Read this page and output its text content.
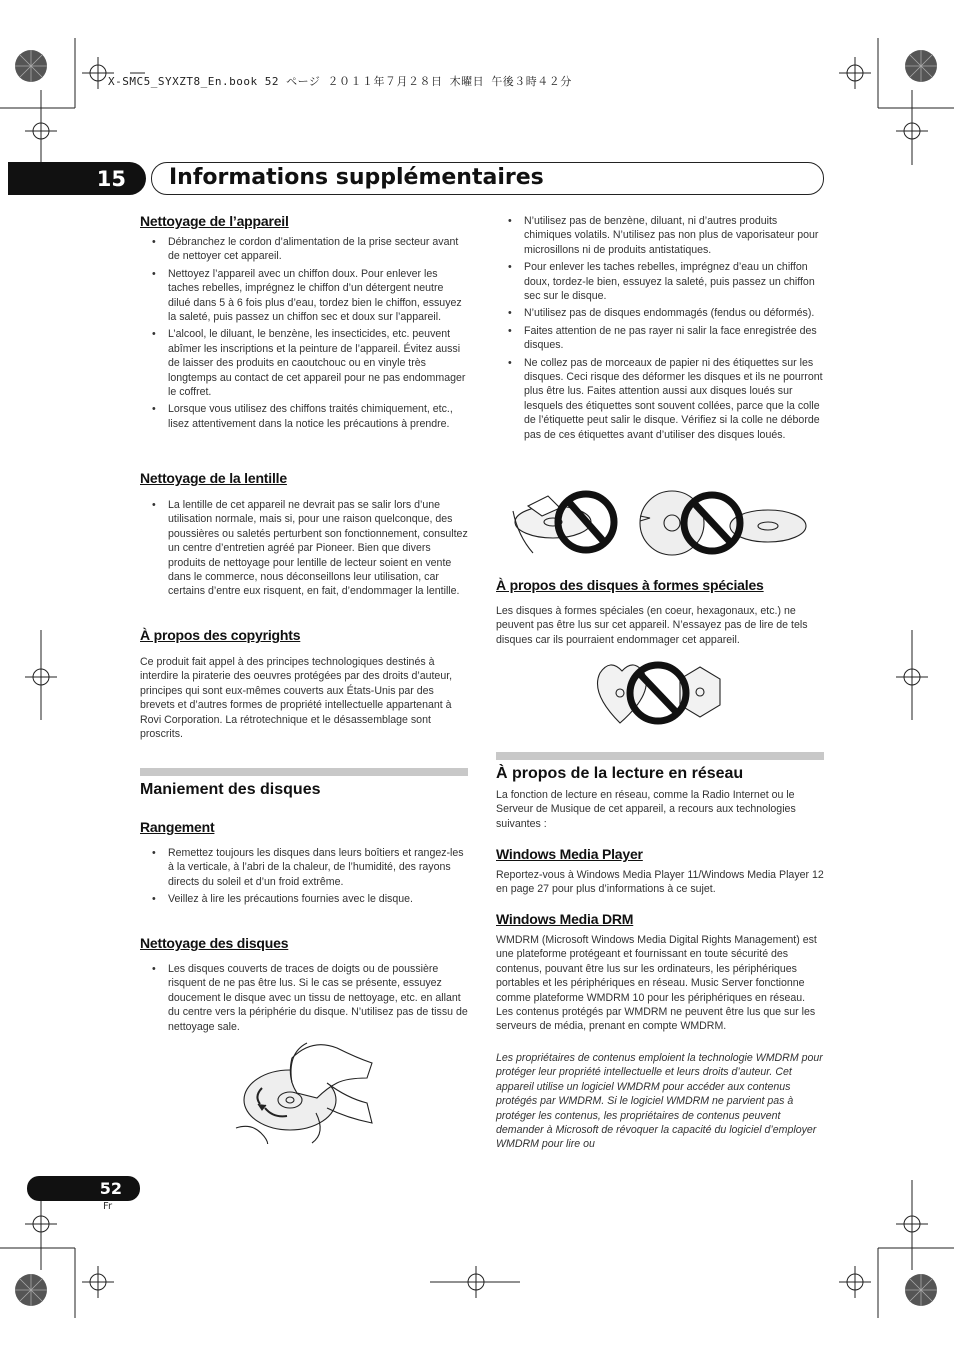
X-SMC5_SYXZT8_En.book 52 ページ ２０１１年７月２８日 木曜日 午後３時４２分
15	Informations supplémentaires
Nettoyage de l’appareil
• Débranchez le cordon d’alimentation de la prise secteur avant de nettoyer cet appareil.
• Nettoyez l’appareil avec un chiffon doux. Pour enlever les taches rebelles, imprégnez le chiffon d’un détergent neutre dilué dans 5 à 6 fois plus d’eau, tordez bien le chiffon, essuyez la saleté, puis passez un chiffon sec et doux sur l’appareil.
• L’alcool, le diluant, le benzène, les insecticides, etc. peuvent abîmer les inscriptions et la peinture de l’appareil. Évitez aussi de laisser des produits en caoutchouc ou en vinyle très longtemps au contact de cet appareil pour ne pas endommager le coffret.
• Lorsque vous utilisez des chiffons traités chimiquement, etc., lisez attentivement dans la notice les précautions à prendre.
Nettoyage de la lentille
• La lentille de cet appareil ne devrait pas se salir lors d’une utilisation normale, mais si, pour une raison quelconque, des poussières ou saletés perturbent son fonctionnement, consultez un centre d’entretien agréé par Pioneer. Bien que divers produits de nettoyage pour lentille de lecteur soient en vente dans le commerce, nous déconseillons leur utilisation, car certains d’entre eux risquent, en fait, d’endommager la lentille.
À propos des copyrights
Ce produit fait appel à des principes technologiques destinés à interdire la piraterie des oeuvres protégées par des droits d’auteur, principes qui sont eux-mêmes couverts aux États-Unis par des brevets et d’autres formes de propriété intellectuelle appartenant à Rovi Corporation. La rétrotechnique et le désassemblage sont proscrits.
Maniement des disques
Rangement
• Remettez toujours les disques dans leurs boîtiers et rangez-les à la verticale, à l’abri de la chaleur, de l’humidité, des rayons directs du soleil et d’un froid extrême.
• Veillez à lire les précautions fournies avec le disque.
Nettoyage des disques
• Les disques couverts de traces de doigts ou de poussière risquent de ne pas être lus. Si le cas se présente, essuyez doucement le disque avec un tissu de nettoyage, etc. en allant du centre vers la périphérie du disque. N’utilisez pas de tissu de nettoyage sale.
• N’utilisez pas de benzène, diluant, ni d’autres produits chimiques volatils. N’utilisez pas non plus de vaporisateur pour microsillons ni de produits antistatiques.
• Pour enlever les taches rebelles, imprégnez d’eau un chiffon doux, tordez-le bien, essuyez la saleté, puis passez un chiffon sec sur le disque.
• N’utilisez pas de disques endommagés (fendus ou déformés).
• Faites attention de ne pas rayer ni salir la face enregistrée des disques.
• Ne collez pas de morceaux de papier ni des étiquettes sur les disques. Ceci risque des déformer les disques et ils ne pourront plus être lus. Faites attention aussi aux disques loués sur lesquels des étiquettes sont souvent collées, parce que la colle de l’étiquette peut salir le disque. Vérifiez si la colle ne déborde pas de ces étiquettes avant d’utiliser des disques loués.
À propos des disques à formes spéciales
Les disques à formes spéciales (en coeur, hexagonaux, etc.) ne peuvent pas être lus sur cet appareil. N’essayez pas de lire de tels disques car ils pourraient endommager cet appareil.
À propos de la lecture en réseau
La fonction de lecture en réseau, comme la Radio Internet ou le Serveur de Musique de cet appareil, a recours aux technologies suivantes :
Windows Media Player
Reportez-vous à Windows Media Player 11/Windows Media Player 12 en page 27 pour plus d’informations à ce sujet.
Windows Media DRM
WMDRM (Microsoft Windows Media Digital Rights Management) est une plateforme protégeant et fournissant en toute sécurité des contenus, pouvant être lus sur les ordinateurs, les périphériques portables et les périphériques en réseau. Music Server fonctionne comme plateforme WMDRM 10 pour les périphériques en réseau. Les contenus protégés par WMDRM ne peuvent être lus que sur les serveurs de média, prenant en compte WMDRM.
Les propriétaires de contenus emploient la technologie WMDRM pour protéger leur propriété intellectuelle et leurs droits d’auteur. Cet appareil utilise un logiciel WMDRM pour accéder aux contenus protégés par WMDRM. Si le logiciel WMDRM ne parvient pas à protéger les contenus, les propriétaires de contenus peuvent demander à Microsoft de révoquer la capacité du logiciel d’employer WMDRM pour lire ou
52
Fr
